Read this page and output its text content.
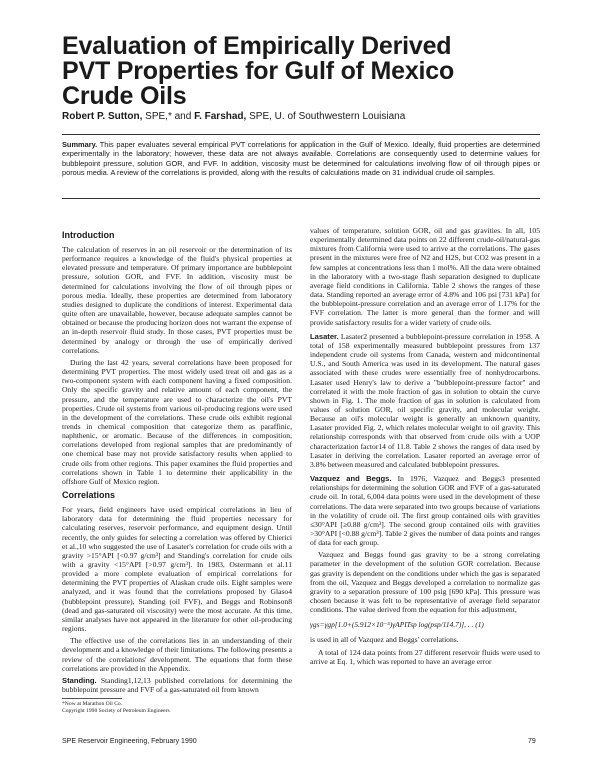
Evaluation of Empirically Derived
PVT Properties for Gulf of Mexico
Crude Oils

Robert P. Sutton, SPE,* and F. Farshad, SPE, U. of Southwestern Louisiana

Summary. This paper evaluates several empirical PVT correlations for application in the Gulf of Mexico. Ideally, fluid properties are determined experimentally in the laboratory; however, these data are not always available. Correlations are consequently used to determine values for bubblepoint pressure, solution GOR, and FVF. In addition, viscosity must be determined for calculations involving flow of oil through pipes or porous media. A review of the correlations is provided, along with the results of calculations made on 31 individual crude oil samples.

Introduction

The calculation of reserves in an oil reservoir or the determination of its performance requires a knowledge of the fluid's physical properties at elevated pressure and temperature. Of primary importance are bubblepoint pressure, solution GOR, and FVF. In addition, viscosity must be determined for calculations involving the flow of oil through pipes or porous media. Ideally, these properties are determined from laboratory studies designed to duplicate the conditions of interest. Experimental data quite often are unavailable, however, because adequate samples cannot be obtained or because the producing horizon does not warrant the expense of an in-depth reservoir fluid study. In those cases, PVT properties must be determined by analogy or through the use of empirically derived correlations.

During the last 42 years, several correlations have been proposed for determining PVT properties. The most widely used treat oil and gas as a two-component system with each component having a fixed composition. Only the specific gravity and relative amount of each component, the pressure, and the temperature are used to characterize the oil's PVT properties. Crude oil systems from various oil-producing regions were used in the development of the correlations. These crude oils exhibit regional trends in chemical composition that categorize them as paraffinic, naphthenic, or aromatic. Because of the differences in composition, correlations developed from regional samples that are predominantly of one chemical base may not provide satisfactory results when applied to crude oils from other regions. This paper examines the fluid properties and correlations shown in Table 1 to determine their applicability in the offshore Gulf of Mexico region.

Correlations

For years, field engineers have used empirical correlations in lieu of laboratory data for determining the fluid properties necessary for calculating reserves, reservoir performance, and equipment design. Until recently, the only guides for selecting a correlation was offered by Chierici et al.,10 who suggested the use of Lasater's correlation for crude oils with a gravity >15°API [<0.97 g/cm³] and Standing's correlation for crude oils with a gravity <15°API [>0.97 g/cm³]. In 1983, Ostermann et al.11 provided a more complete evaluation of empirical correlations for determining the PVT properties of Alaskan crude oils. Eight samples were analyzed, and it was found that the correlations proposed by Glaso4 (bubblepoint pressure), Standing (oil FVF), and Beggs and Robinson8 (dead and gas-saturated oil viscosity) were the most accurate. At this time, similar analyses have not appeared in the literature for other oil-producing regions.

The effective use of the correlations lies in an understanding of their development and a knowledge of their limitations. The following presents a review of the correlations' development. The equations that form these correlations are provided in the Appendix.

Standing. Standing1,12,13 published correlations for determining the bubblepoint pressure and FVF of a gas-saturated oil from known

*Now at Marathon Oil Co.

Copyright 1990 Society of Petroleum Engineers

values of temperature, solution GOR, oil and gas gravities. In all, 105 experimentally determined data points on 22 different crude-oil/natural-gas mixtures from California were used to arrive at the correlations. The gases present in the mixtures were free of N2 and H2S, but CO2 was present in a few samples at concentrations less than 1 mol%. All the data were obtained in the laboratory with a two-stage flash separation designed to duplicate average field conditions in California. Table 2 shows the ranges of these data. Standing reported an average error of 4.8% and 106 psi [731 kPa] for the bubblepoint-pressure correlation and an average error of 1.17% for the FVF correlation. The latter is more general than the former and will provide satisfactory results for a wider variety of crude oils.

Lasater. Lasater2 presented a bubblepoint-pressure correlation in 1958. A total of 158 experimentally measured bubblepoint pressures from 137 independent crude oil systems from Canada, western and midcontinental U.S., and South America was used in its development. The natural gases associated with these crudes were essentially free of nonhydrocarbons. Lasater used Henry's law to derive a "bubblepoint-pressure factor" and correlated it with the mole fraction of gas in solution to obtain the curve shown in Fig. 1. The mole fraction of gas in solution is calculated from values of solution GOR, oil specific gravity, and molecular weight. Because an oil's molecular weight is generally an unknown quantity, Lasater provided Fig. 2, which relates molecular weight to oil gravity. This relationship corresponds with that observed from crude oils with a UOP characterization factor14 of 11.8. Table 2 shows the ranges of data used by Lasater in deriving the correlation. Lasater reported an average error of 3.8% between measured and calculated bubblepoint pressures.

Vazquez and Beggs. In 1976, Vazquez and Beggs3 presented relationships for determining the solution GOR and FVF of a gas-saturated crude oil. In total, 6,004 data points were used in the development of these correlations. The data were separated into two groups because of variations in the volatility of crude oil. The first group contained oils with gravities ≤30°API [≥0.88 g/cm³]. The second group contained oils with gravities >30°API [<0.88 g/cm³]. Table 2 gives the number of data points and ranges of data for each group.

Vazquez and Beggs found gas gravity to be a strong correlating parameter in the development of the solution GOR correlation. Because gas gravity is dependent on the conditions under which the gas is separated from the oil, Vazquez and Beggs developed a correlation to normalize gas gravity to a separation pressure of 100 psig [690 kPa]. This pressure was chosen because it was felt to be representative of average field separator conditions. The value derived from the equation for this adjustment,

γgs=γgp[1.0+(5.912×10⁻⁵)γAPITsp log(psp/114.7)], . . (1)

is used in all of Vazquez and Beggs' correlations.

A total of 124 data points from 27 different reservoir fluids were used to arrive at Eq. 1, which was reported to have an average error

SPE Reservoir Engineering, February 1990	79
